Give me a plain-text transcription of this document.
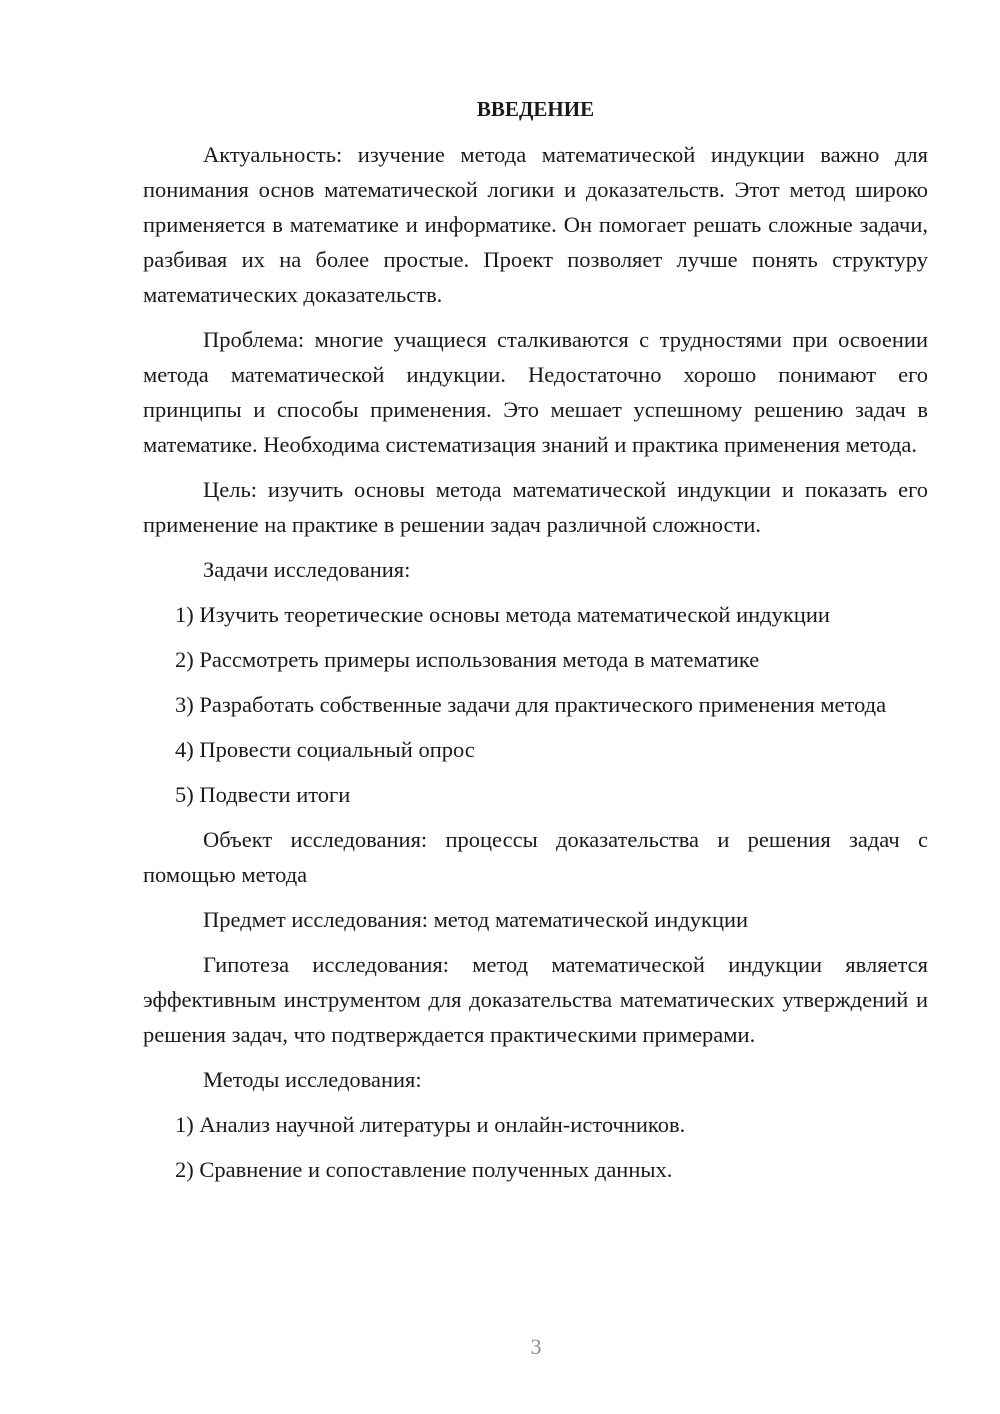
ВВЕДЕНИЕ

Актуальность: изучение метода математической индукции важно для понимания основ математической логики и доказательств. Этот метод широко применяется в математике и информатике. Он помогает решать сложные задачи, разбивая их на более простые. Проект позволяет лучше понять структуру математических доказательств.

Проблема: многие учащиеся сталкиваются с трудностями при освоении метода математической индукции. Недостаточно хорошо понимают его принципы и способы применения. Это мешает успешному решению задач в математике. Необходима систематизация знаний и практика применения метода.

Цель: изучить основы метода математической индукции и показать его применение на практике в решении задач различной сложности.

Задачи исследования:

1) Изучить теоретические основы метода математической индукции

2) Рассмотреть примеры использования метода в математике

3) Разработать собственные задачи для практического применения метода

4) Провести социальный опрос

5) Подвести итоги

Объект исследования: процессы доказательства и решения задач с помощью метода

Предмет исследования: метод математической индукции

Гипотеза исследования: метод математической индукции является эффективным инструментом для доказательства математических утверждений и решения задач, что подтверждается практическими примерами.

Методы исследования:

1) Анализ научной литературы и онлайн-источников.

2) Сравнение и сопоставление полученных данных.

3
